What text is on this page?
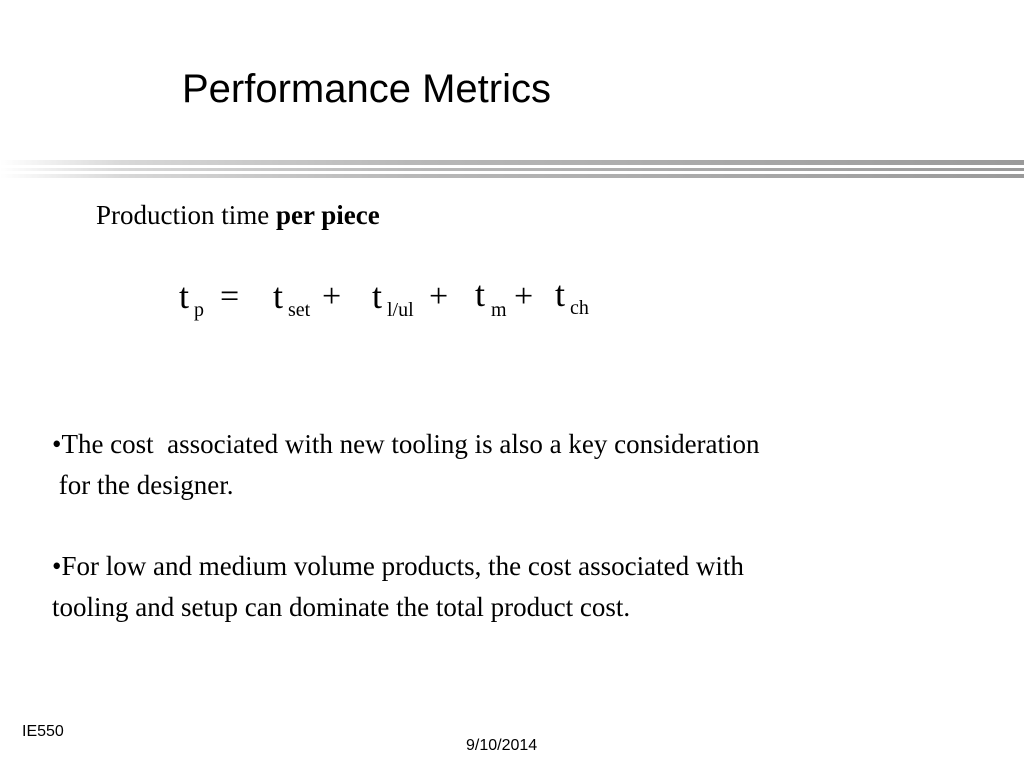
Performance Metrics
Production time per piece
t p = t set + t l/ul + t m + t ch
•The cost  associated with new tooling is also a key consideration
for the designer.
•For low and medium volume products, the cost associated with
tooling and setup can dominate the total product cost.
IE550
9/10/2014
